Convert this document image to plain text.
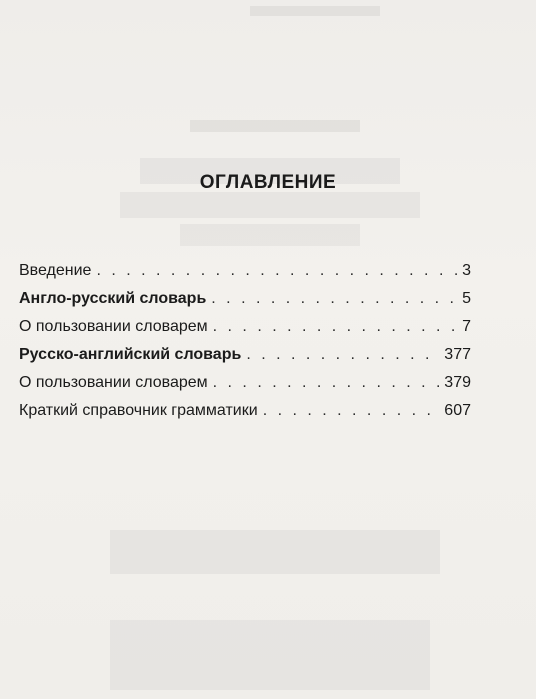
ОГЛАВЛЕНИЕ
Введение . . .	3
Англо-русский словарь . . .	5
О пользовании словарем . . .	7
Русско-английский словарь . . .	377
О пользовании словарем . . .	379
Краткий справочник грамматики . . .	607
